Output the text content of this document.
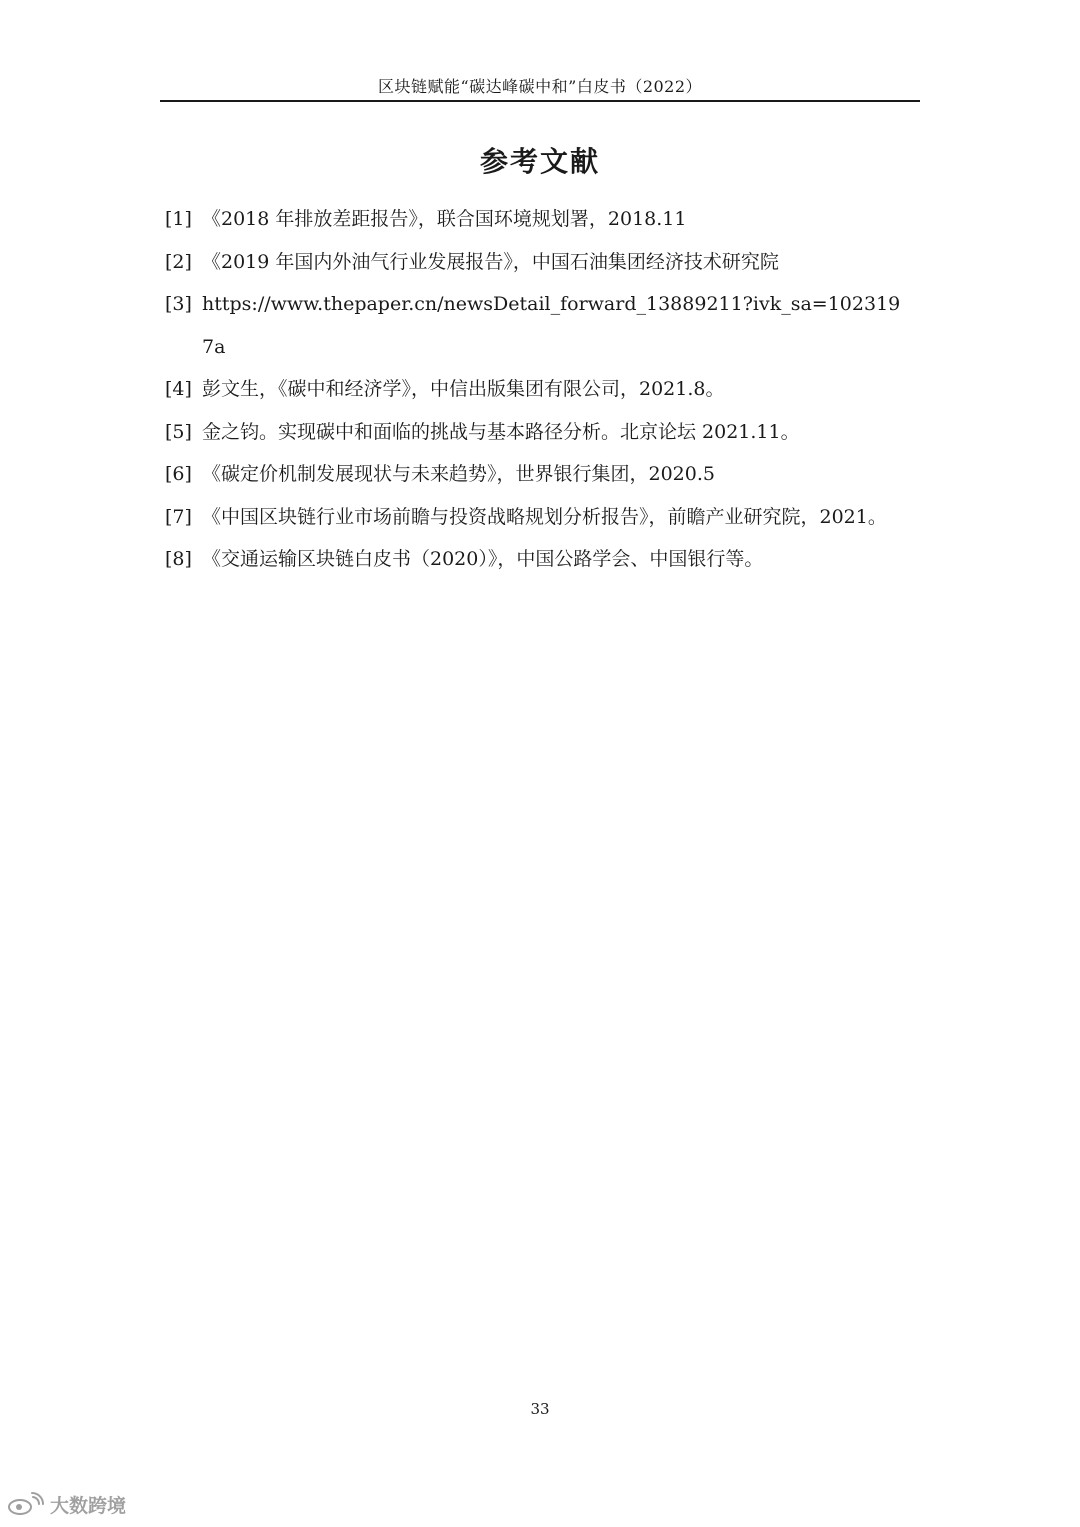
区块链赋能“碳达峰碳中和”白皮书（2022）
参考文献
[1] 《2018 年排放差距报告》，联合国环境规划署，2018.11
[2] 《2019 年国内外油气行业发展报告》，中国石油集团经济技术研究院
[3] https://www.thepaper.cn/newsDetail_forward_13889211?ivk_sa=1023197a
[4] 彭文生，《碳中和经济学》，中信出版集团有限公司，2021.8。
[5] 金之钧。实现碳中和面临的挑战与基本路径分析。北京论坛 2021.11。
[6] 《碳定价机制发展现状与未来趋势》，世界银行集团，2020.5
[7] 《中国区块链行业市场前瞻与投资战略规划分析报告》，前瞻产业研究院，2021。
[8] 《交通运输区块链白皮书（2020）》，中国公路学会、中国银行等。
33
大数跨境
